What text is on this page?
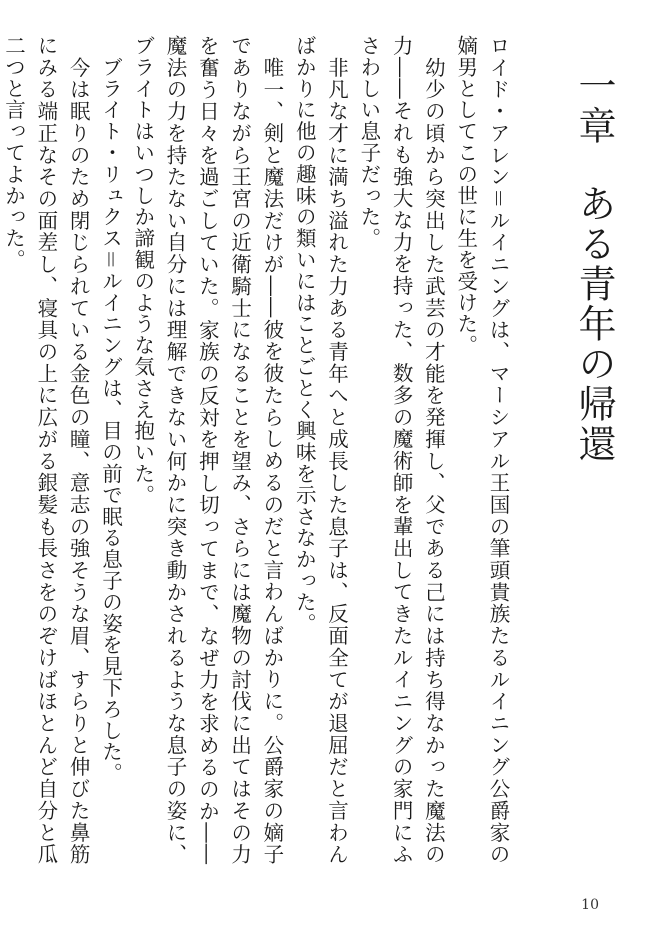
一章ある青年の帰還

ロイド・アレン＝ルイニングは、マーシアル王国の筆頭貴族たるルイニング公爵家の嫡男としてこの世に生を受けた。

　幼少の頃から突出した武芸の才能を発揮し、父である己には持ち得なかった魔法の力――それも強大な力を持った、数多の魔術師を輩出してきたルイニングの家門にふさわしい息子だった。

　非凡な才に満ち溢れた力ある青年へと成長した息子は、反面全てが退屈だと言わんばかりに他の趣味の類いにはことごとく興味を示さなかった。

　唯一、剣と魔法だけが――彼を彼たらしめるのだと言わんばかりに。公爵家の嫡子でありながら王宮の近衛騎士になることを望み、さらには魔物の討伐に出てはその力を奮う日々を過ごしていた。家族の反対を押し切ってまで、なぜ力を求めるのか――魔法の力を持たない自分には理解できない何かに突き動かされるような息子の姿に、ブライトはいつしか諦観のような気さえ抱いた。

　ブライト・リュクス＝ルイニングは、目の前で眠る息子の姿を見下ろした。

　今は眠りのため閉じられている金色の瞳、意志の強そうな眉、すらりと伸びた鼻筋にみる端正なその面差し、寝具の上に広がる銀髪も長さをのぞけばほとんど自分と瓜二つと言ってよかった。

10
